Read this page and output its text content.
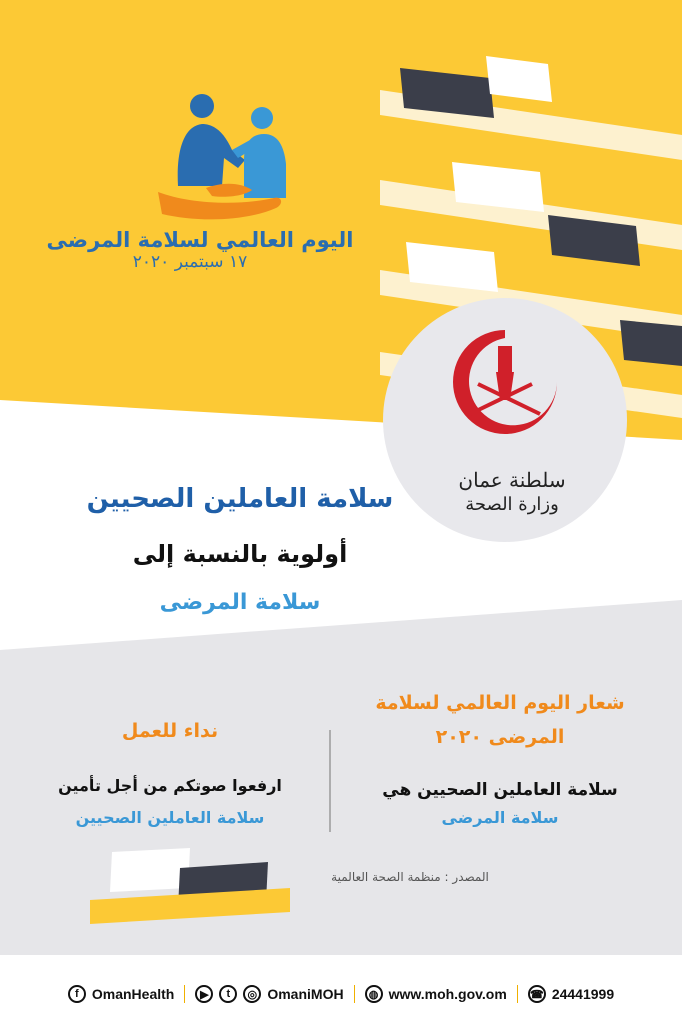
اليوم العالمي لسلامة المرضى
١٧ سبتمبر ٢٠٢٠
سلطنة عمان
وزارة الصحة
سلامة العاملين الصحيين
أولوية بالنسبة إلى
سلامة المرضى
شعار اليوم العالمي لسلامة
المرضى ٢٠٢٠
سلامة العاملين الصحيين هي
سلامة المرضى
نداء للعمل
ارفعوا صوتكم من أجل تأمين
سلامة العاملين الصحيين
المصدر : منظمة الصحة العالمية
f OmanHealth	▶	t	◎ OmaniMOH	◍ www.moh.gov.om ☎ 24441999
